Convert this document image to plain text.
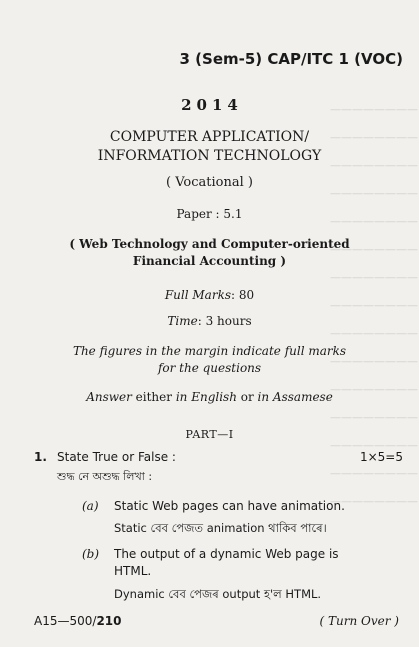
————————
————————
————————
————————
————————
————————
————————
————————
————————
————————
————————
————————
————————
————————
————————
3 (Sem-5) CAP/ITC 1 (VOC)
2014
COMPUTER APPLICATION/
INFORMATION TECHNOLOGY
( Vocational )
Paper : 5.1
( Web Technology and Computer-oriented
Financial Accounting )
Full Marks: 80
Time: 3 hours
The figures in the margin indicate full marks
for the questions
Answer either in English or in Assamese
PART—I
1. State True or False :	1×5=5
শুদ্ধ নে অশুদ্ধ লিখা :
(a) Static Web pages can have animation.
Static বেব পেজত animation থাকিব পাৰে।
(b) The output of a dynamic Web page is
HTML.
Dynamic বেব পেজৰ output হ'ল HTML.
A15—500/210	( Turn Over )
